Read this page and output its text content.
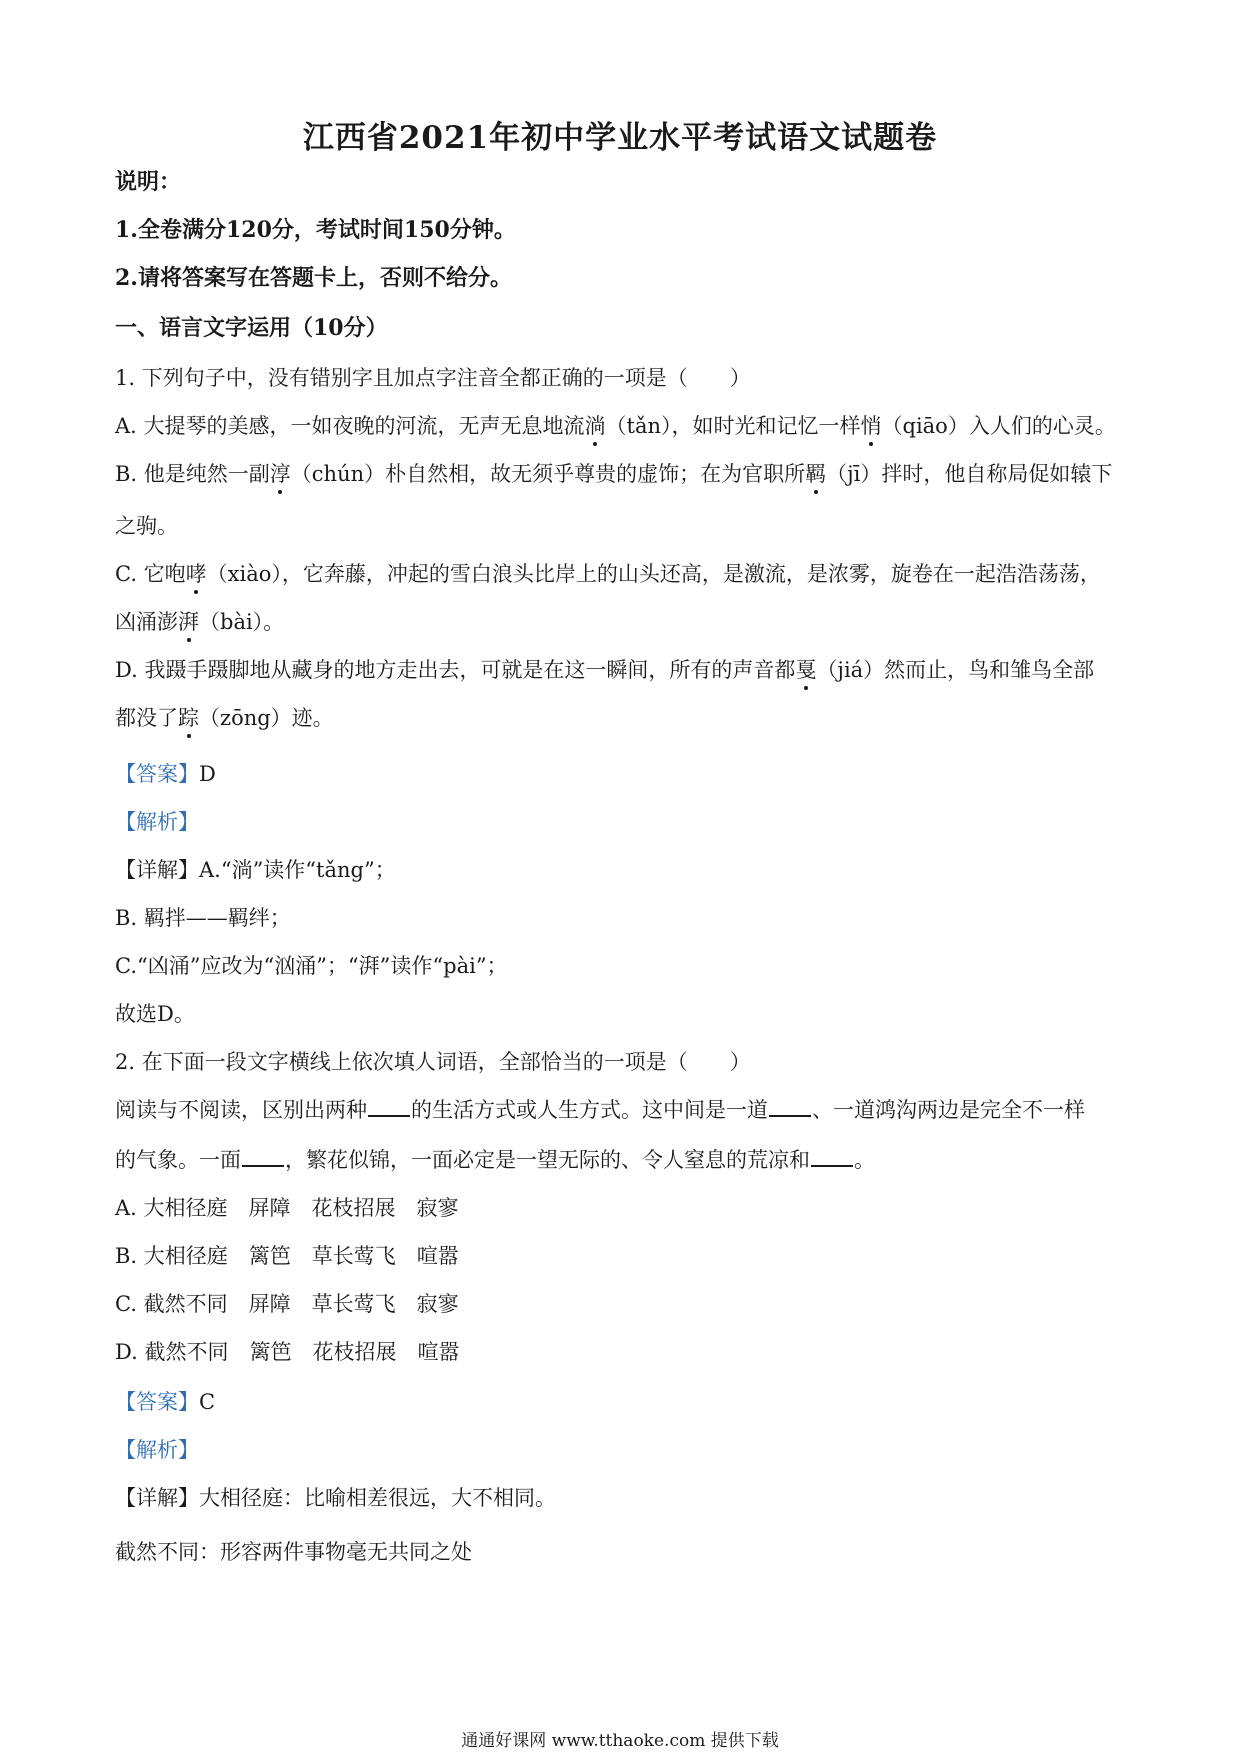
江西省2021年初中学业水平考试语文试题卷
说明：
1.全卷满分120分，考试时间150分钟。
2.请将答案写在答题卡上，否则不给分。
一、语言文字运用（10分）
1. 下列句子中，没有错别字且加点字注音全都正确的一项是（　　）
A. 大提琴的美感，一如夜晚的河流，无声无息地流淌（tǎn），如时光和记忆一样悄（qiāo）入人们的心灵。
B. 他是纯然一副淳（chún）朴自然相，故无须乎尊贵的虚饰；在为官职所羁（jī）拌时，他自称局促如辕下
之驹。
C. 它咆哮（xiào），它奔藤，冲起的雪白浪头比岸上的山头还高，是激流，是浓雾，旋卷在一起浩浩荡荡，
凶涌澎湃（bài）。
D. 我蹑手蹑脚地从藏身的地方走出去，可就是在这一瞬间，所有的声音都戛（jiá）然而止，鸟和雏鸟全部
都没了踪（zōng）迹。
【答案】D
【解析】
【详解】A.“淌”读作“tǎng”；
B. 羁拌——羁绊；
C.“凶涌”应改为“汹涌”；“湃”读作“pài”；
故选D。
2. 在下面一段文字横线上依次填人词语，全部恰当的一项是（　　）
阅读与不阅读，区别出两种 的生活方式或人生方式。这中间是一道 、一道鸿沟两边是完全不一样
的气象。一面 ，繁花似锦，一面必定是一望无际的、令人窒息的荒凉和 。
A. 大相径庭　 屏障　 花枝招展　 寂寥
B. 大相径庭　 篱笆　 草长莺飞　 喧嚣
C. 截然不同　 屏障　 草长莺飞　 寂寥
D. 截然不同　 篱笆　 花枝招展　 喧嚣
【答案】C
【解析】
【详解】大相径庭：比喻相差很远，大不相同。
截然不同：形容两件事物毫无共同之处
通通好课网 www.tthaoke.com 提供下载
